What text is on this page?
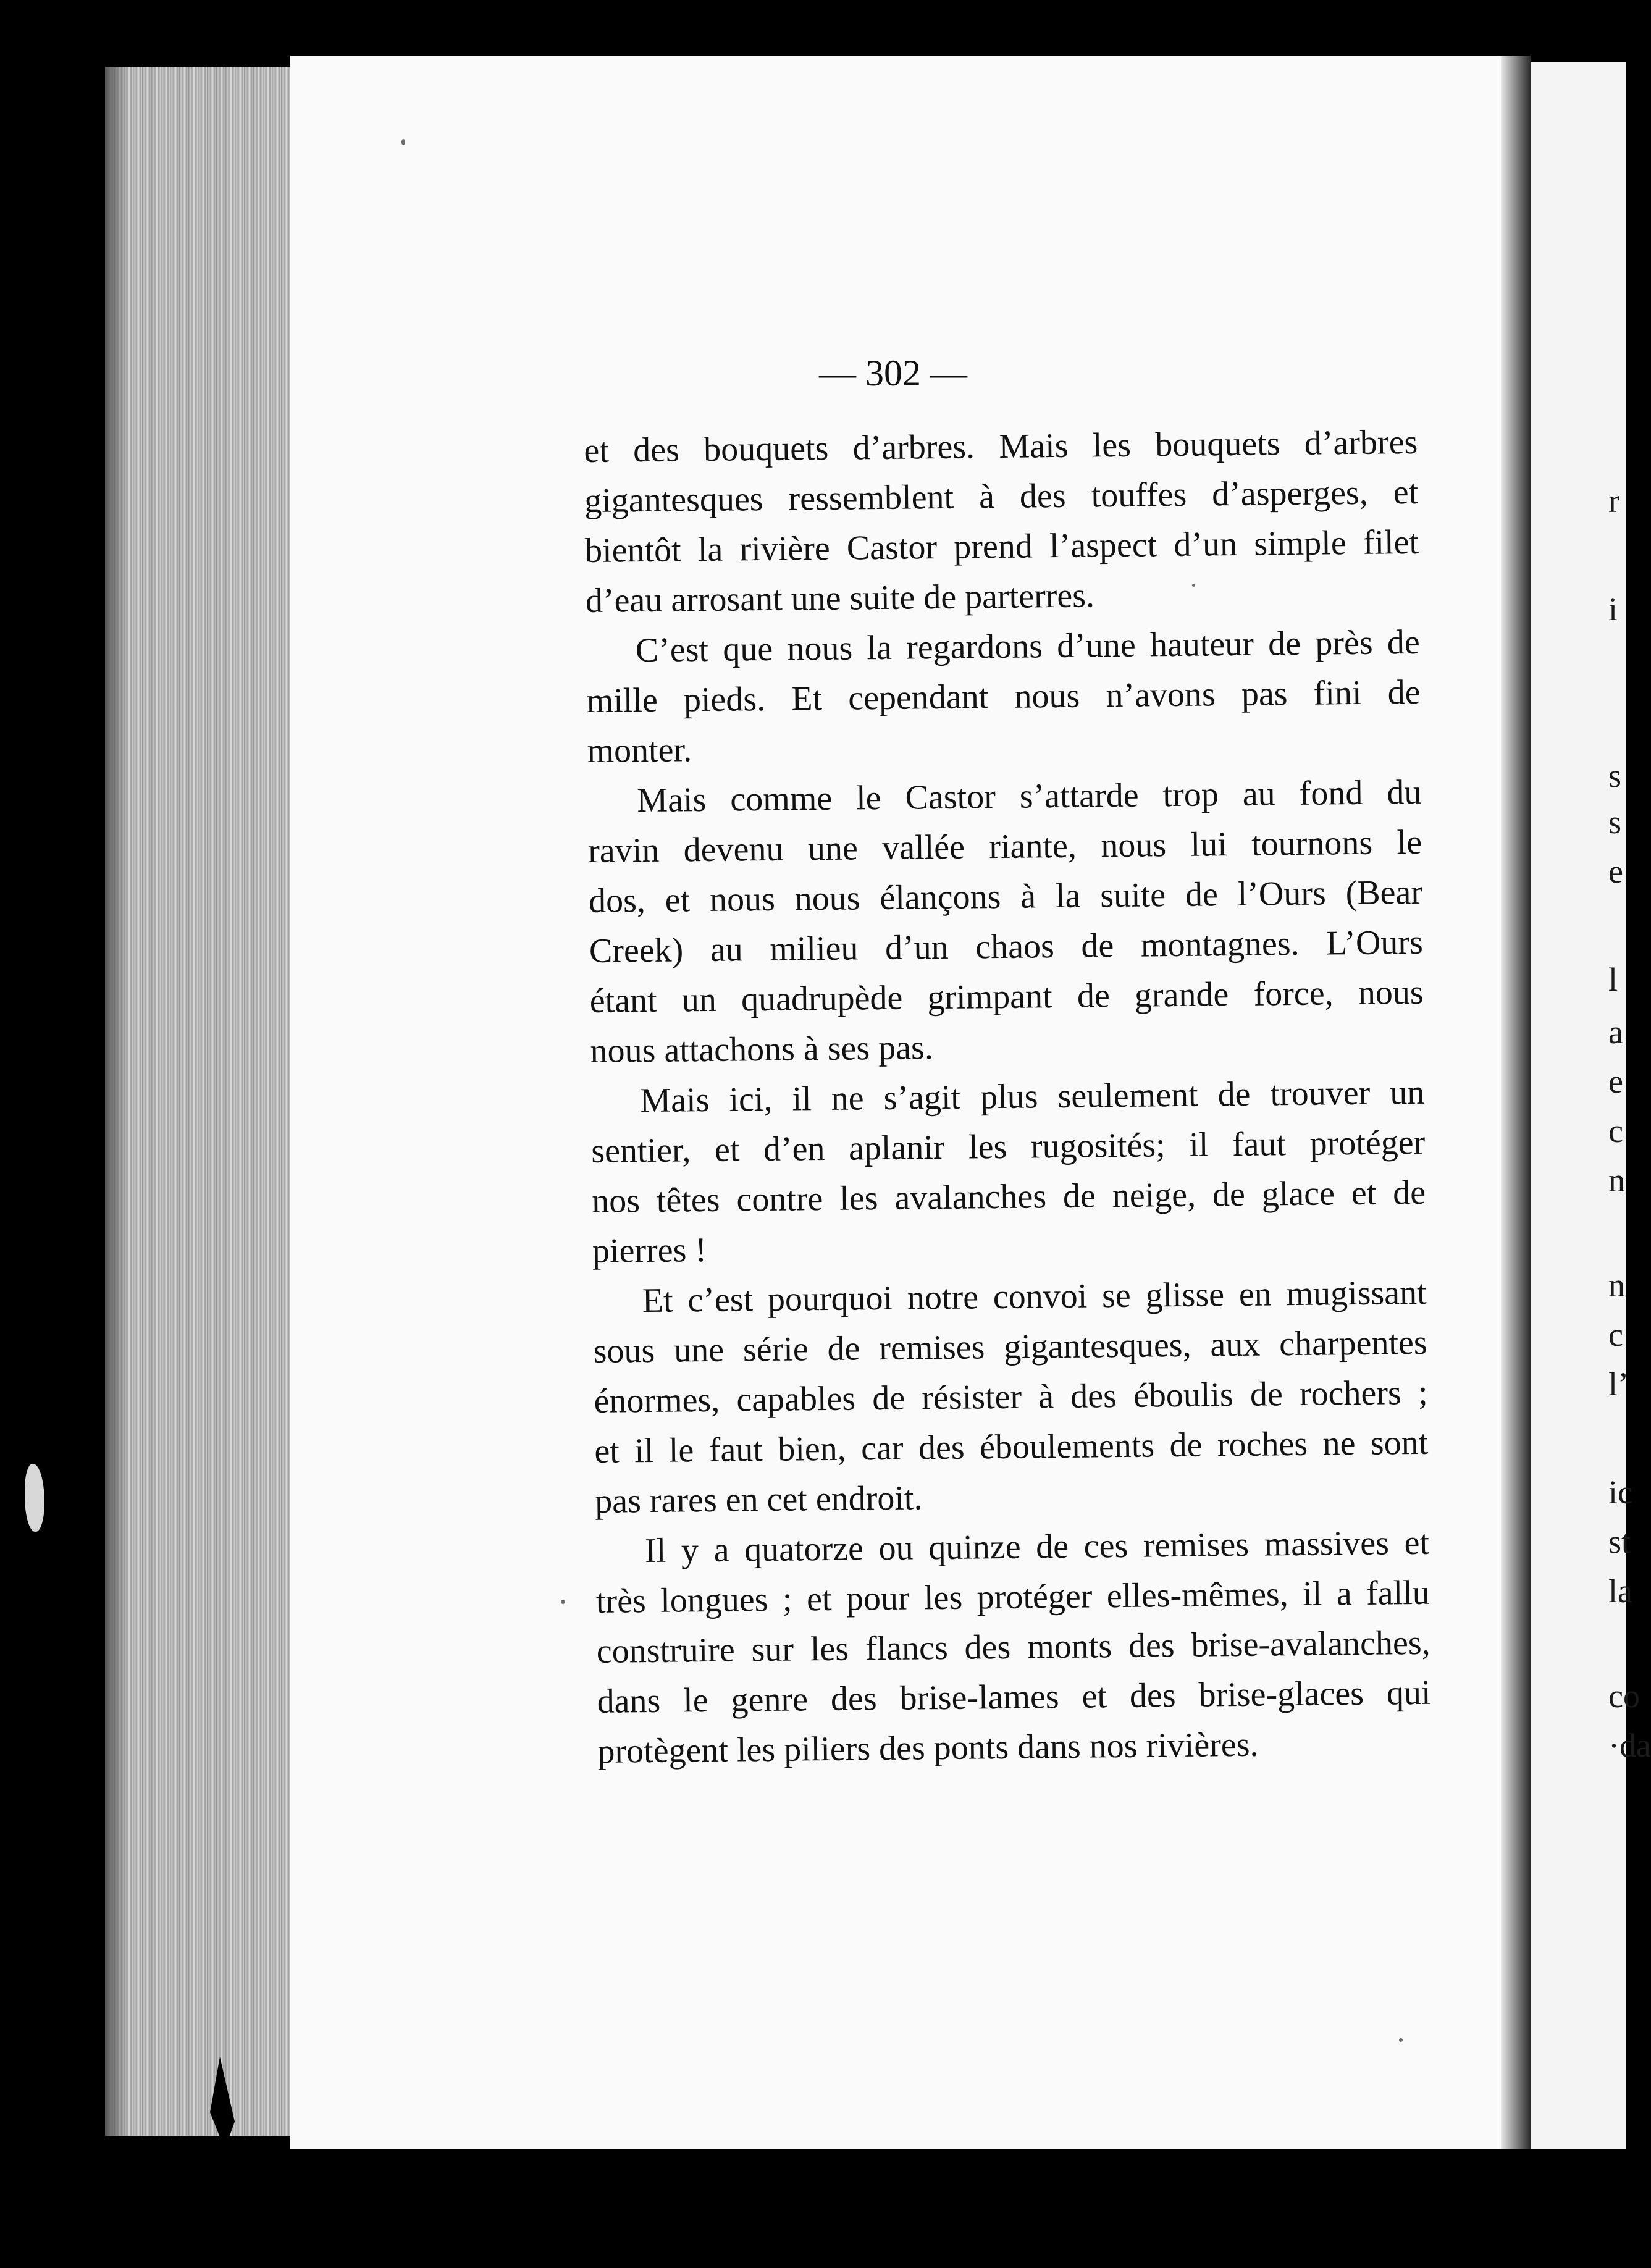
r
i
s
s
e
l
a
e
c
n
n
c
l’
ic
st
la
co
·da
— 302 —
et des bouquets d’arbres. Mais les bouquets d’arbres
gigantesques ressemblent à des touffes d’asperges, et
bientôt la rivière Castor prend l’aspect d’un simple filet
d’eau arrosant une suite de parterres.
C’est que nous la regardons d’une hauteur de près de
mille pieds. Et cependant nous n’avons pas fini de
monter.
Mais comme le Castor s’attarde trop au fond du
ravin devenu une vallée riante, nous lui tournons le
dos, et nous nous élançons à la suite de l’Ours (Bear
Creek) au milieu d’un chaos de montagnes. L’Ours
étant un quadrupède grimpant de grande force, nous
nous attachons à ses pas.
Mais ici, il ne s’agit plus seulement de trouver un
sentier, et d’en aplanir les rugosités; il faut protéger
nos têtes contre les avalanches de neige, de glace et de
pierres !
Et c’est pourquoi notre convoi se glisse en mugissant
sous une série de remises gigantesques, aux charpentes
énormes, capables de résister à des éboulis de rochers ;
et il le faut bien, car des éboulements de roches ne sont
pas rares en cet endroit.
Il y a quatorze ou quinze de ces remises massives et
très longues ; et pour les protéger elles-mêmes, il a fallu
construire sur les flancs des monts des brise-avalanches,
dans le genre des brise-lames et des brise-glaces qui
protègent les piliers des ponts dans nos rivières.
